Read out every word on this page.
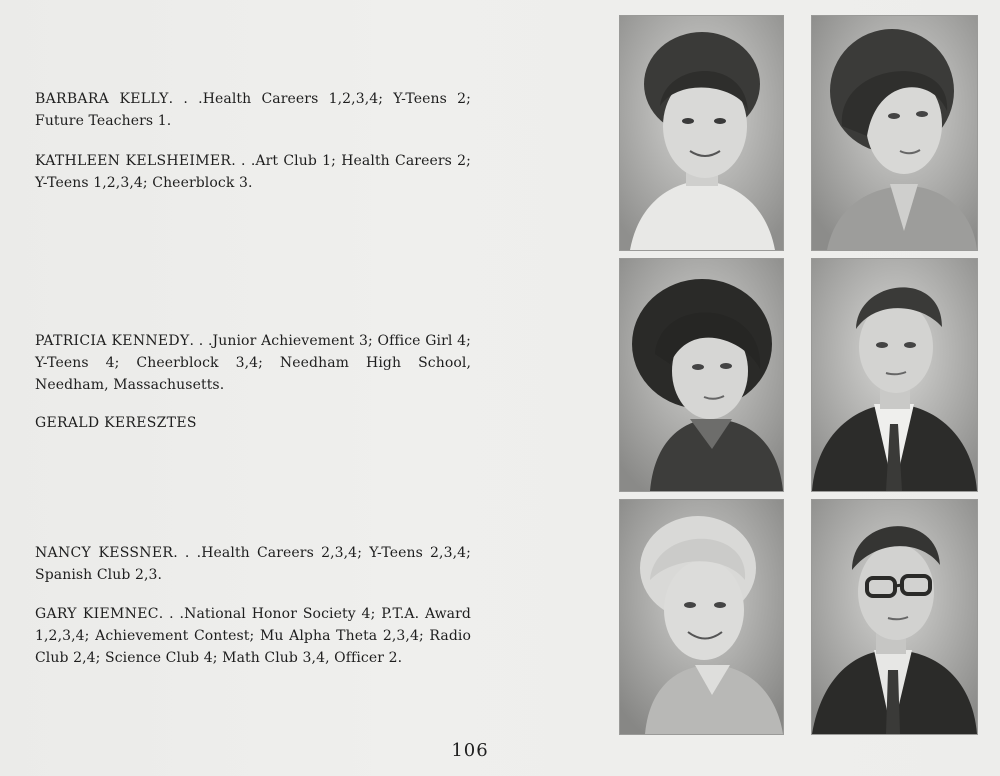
BARBARA KELLY. . .Health Careers 1,2,3,4; Y-Teens 2; Future Teachers 1.
KATHLEEN KELSHEIMER. . .Art Club 1; Health Careers 2; Y-Teens 1,2,3,4; Cheerblock 3.
PATRICIA KENNEDY. . .Junior Achievement 3; Office Girl 4; Y-Teens 4; Cheerblock 3,4; Needham High School, Needham, Massachusetts.
GERALD KERESZTES
NANCY KESSNER. . .Health Careers 2,3,4; Y-Teens 2,3,4; Spanish Club 2,3.
GARY KIEMNEC. . .National Honor Society 4; P.T.A. Award 1,2,3,4; Achievement Contest; Mu Alpha Theta 2,3,4; Radio Club 2,4; Science Club 4; Math Club 3,4, Officer 2.
106
